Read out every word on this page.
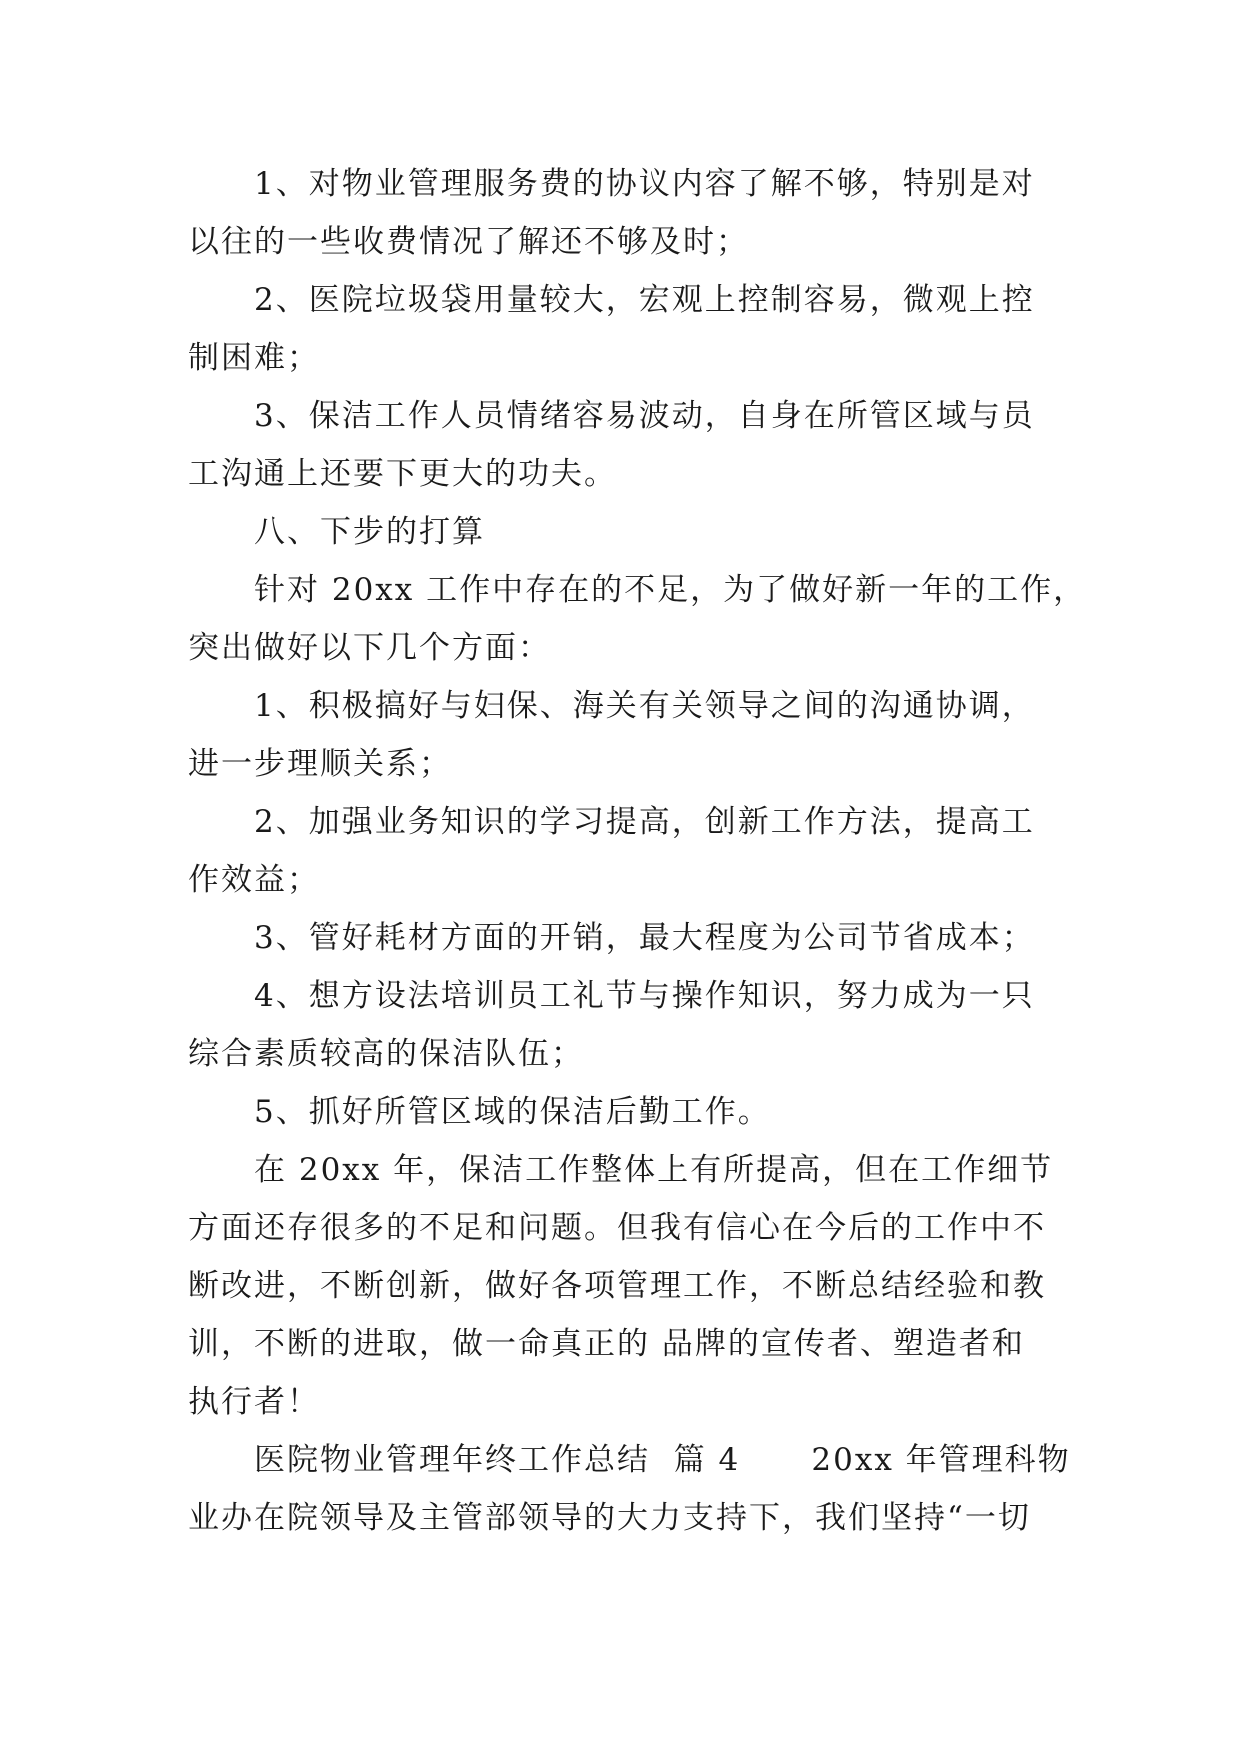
1、对物业管理服务费的协议内容了解不够，特别是对
以往的一些收费情况了解还不够及时；
2、医院垃圾袋用量较大，宏观上控制容易，微观上控
制困难；
3、保洁工作人员情绪容易波动，自身在所管区域与员
工沟通上还要下更大的功夫。
八、下步的打算
针对 20xx 工作中存在的不足，为了做好新一年的工作，
突出做好以下几个方面：
1、积极搞好与妇保、海关有关领导之间的沟通协调，
进一步理顺关系；
2、加强业务知识的学习提高，创新工作方法，提高工
作效益；
3、管好耗材方面的开销，最大程度为公司节省成本；
4、想方设法培训员工礼节与操作知识，努力成为一只
综合素质较高的保洁队伍；
5、抓好所管区域的保洁后勤工作。
在 20xx 年，保洁工作整体上有所提高，但在工作细节
方面还存很多的不足和问题。但我有信心在今后的工作中不
断改进，不断创新，做好各项管理工作，不断总结经验和教
训，不断的进取，做一命真正的 品牌的宣传者、塑造者和
执行者！
医院物业管理年终工作总结  篇 4      20xx 年管理科物
业办在院领导及主管部领导的大力支持下，我们坚持“一切
